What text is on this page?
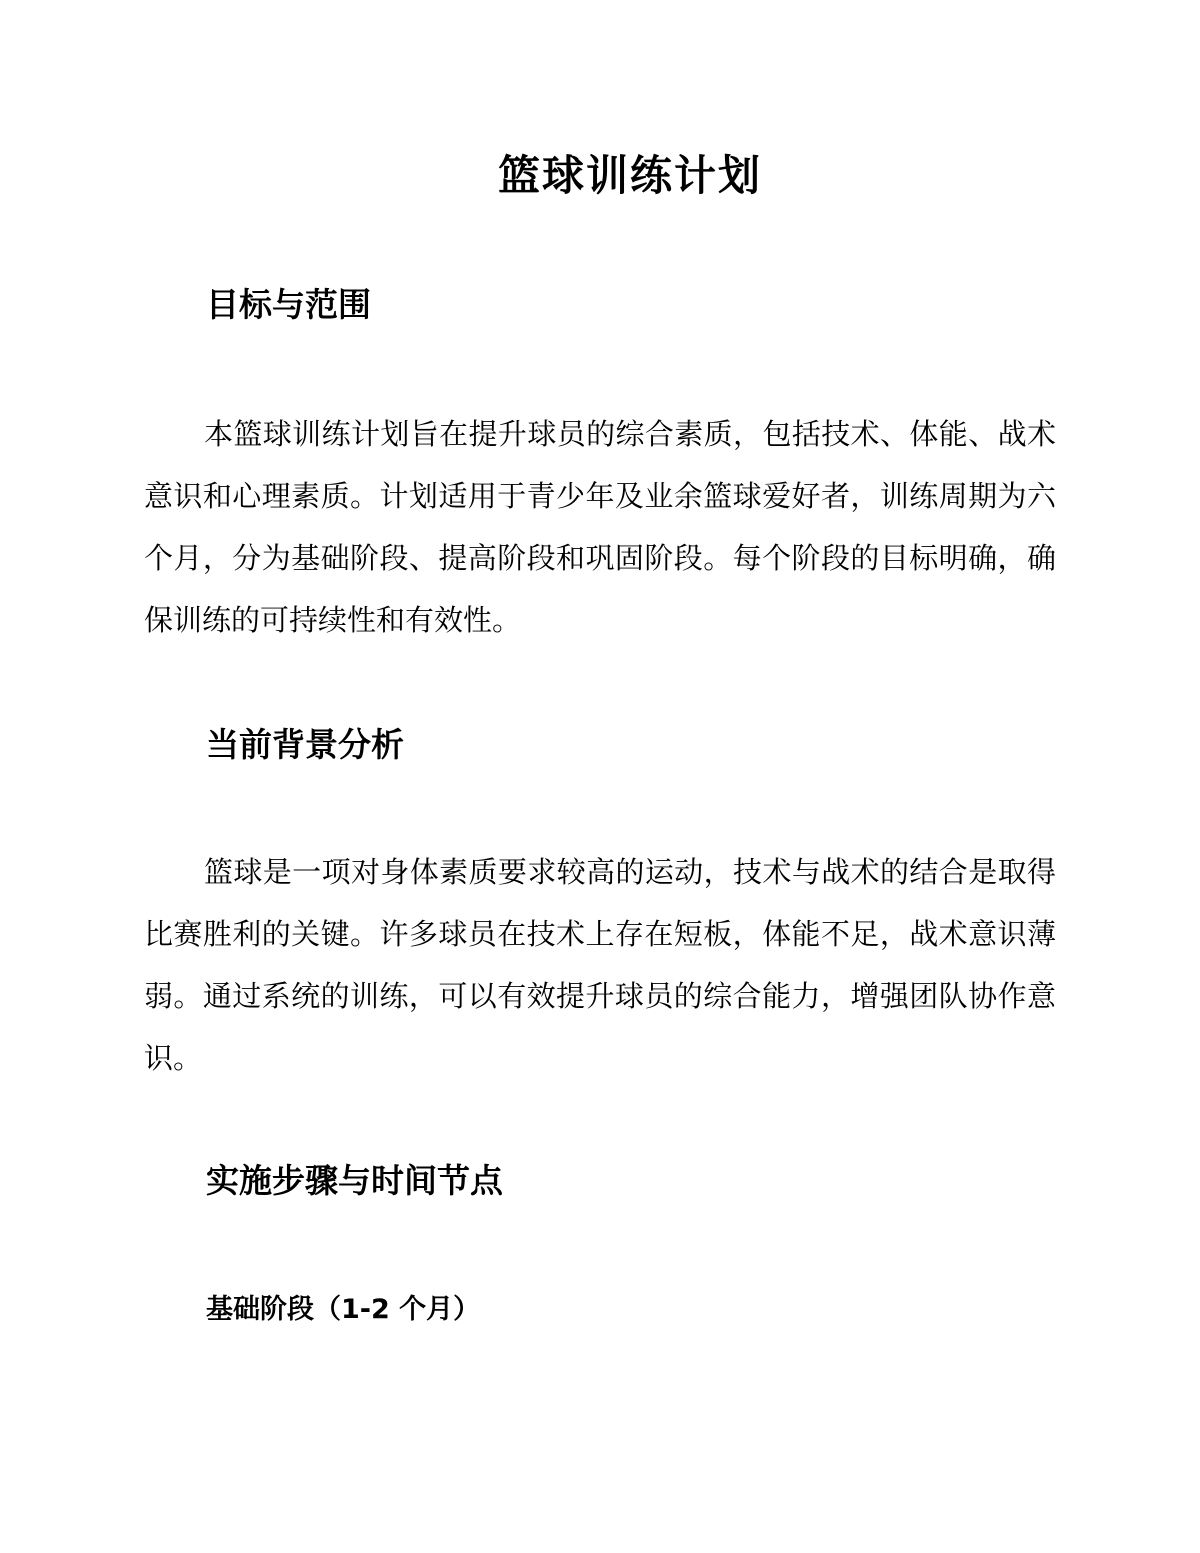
篮球训练计划
目标与范围

本篮球训练计划旨在提升球员的综合素质，包括技术、体能、战术意识和心理素质。计划适用于青少年及业余篮球爱好者，训练周期为六个月，分为基础阶段、提高阶段和巩固阶段。每个阶段的目标明确，确保训练的可持续性和有效性。

当前背景分析

篮球是一项对身体素质要求较高的运动，技术与战术的结合是取得比赛胜利的关键。许多球员在技术上存在短板，体能不足，战术意识薄弱。通过系统的训练，可以有效提升球员的综合能力，增强团队协作意识。

实施步骤与时间节点
基础阶段（1-2 个月）
